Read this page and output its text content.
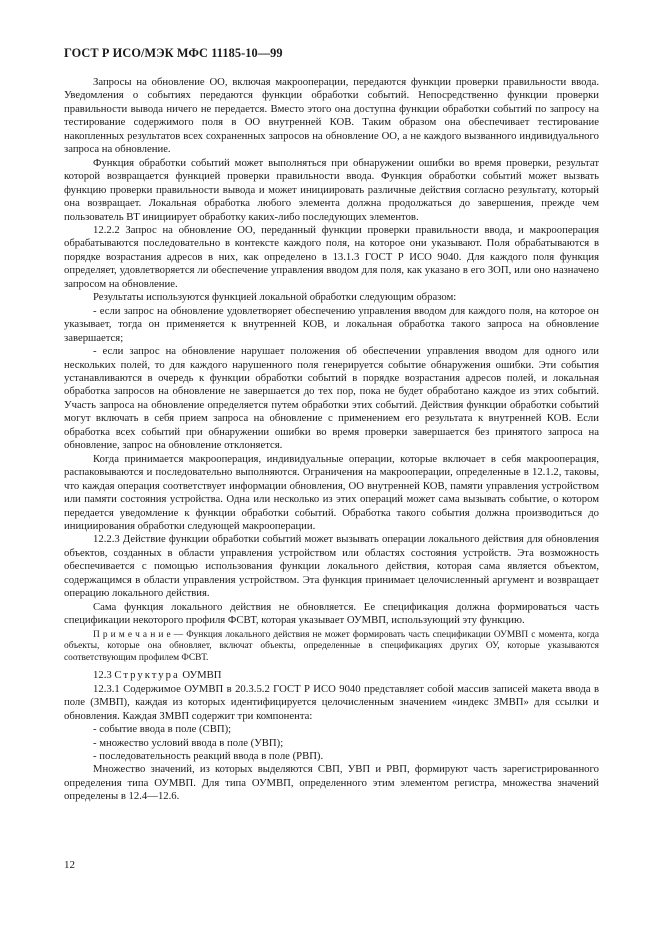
ГОСТ Р ИСО/МЭК МФС 11185-10—99

Запросы на обновление ОО, включая макрооперации, передаются функции проверки правильности ввода. Уведомления о событиях передаются функции обработки событий. Непосредственно функции проверки правильности вывода ничего не передается. Вместо этого она доступна функции обработки событий по запросу на тестирование содержимого поля в ОО внутренней КОВ. Таким образом она обеспечивает тестирование накопленных результатов всех сохраненных запросов на обновление ОО, а не каждого вызванного индивидуального запроса на обновление.

Функция обработки событий может выполняться при обнаружении ошибки во время проверки, результат которой возвращается функцией проверки правильности ввода. Функция обработки событий может вызвать функцию проверки правильности вывода и может инициировать различные действия согласно результату, который она возвращает. Локальная обработка любого элемента должна продолжаться до завершения, прежде чем пользователь ВТ инициирует обработку каких-либо последующих элементов.

12.2.2 Запрос на обновление ОО, переданный функции проверки правильности ввода, и макрооперация обрабатываются последовательно в контексте каждого поля, на которое они указывают. Поля обрабатываются в порядке возрастания адресов в них, как определено в 13.1.3 ГОСТ Р ИСО 9040. Для каждого поля функция определяет, удовлетворяется ли обеспечение управления вводом для поля, как указано в его ЗОП, или оно назначено запросом на обновление.

Результаты используются функцией локальной обработки следующим образом:

- если запрос на обновление удовлетворяет обеспечению управления вводом для каждого поля, на которое он указывает, тогда он применяется к внутренней КОВ, и локальная обработка такого запроса на обновление завершается;

- если запрос на обновление нарушает положения об обеспечении управления вводом для одного или нескольких полей, то для каждого нарушенного поля генерируется событие обнаружения ошибки. Эти события устанавливаются в очередь к функции обработки событий в порядке возрастания адресов полей, и локальная обработка запросов на обновление не завершается до тех пор, пока не будет обработано каждое из этих событий. Участь запроса на обновление определяется путем обработки этих событий. Действия функции обработки событий могут включать в себя прием запроса на обновление с применением его результата к внутренней КОВ. Если обработка всех событий при обнаружении ошибки во время проверки завершается без принятого запроса на обновление, запрос на обновление отклоняется.

Когда принимается макрооперация, индивидуальные операции, которые включает в себя макрооперация, распаковываются и последовательно выполняются. Ограничения на макрооперации, определенные в 12.1.2, таковы, что каждая операция соответствует информации обновления, ОО внутренней КОВ, памяти управления устройством или памяти состояния устройства. Одна или несколько из этих операций может сама вызывать событие, о котором передается уведомление к функции обработки событий. Обработка такого события должна производиться до инициирования обработки следующей макрооперации.

12.2.3 Действие функции обработки событий может вызывать операции локального действия для обновления объектов, созданных в области управления устройством или областях состояния устройств. Эта возможность обеспечивается с помощью использования функции локального действия, которая сама является объектом, содержащимся в области управления устройством. Эта функция принимает целочисленный аргумент и возвращает операцию локального действия.

Сама функция локального действия не обновляется. Ее спецификация должна формироваться часть спецификации некоторого профиля ФСВТ, которая указывает ОУМВП, использующий эту функцию.

П р и м е ч а н и е — Функция локального действия не может формировать часть спецификации ОУМВП с момента, когда объекты, которые она обновляет, включат объекты, определенные в спецификациях других ОУ, которые указываются соответствующим профилем ФСВТ.

12.3 Структура ОУМВП

12.3.1 Содержимое ОУМВП в 20.3.5.2 ГОСТ Р ИСО 9040 представляет собой массив записей макета ввода в поле (ЗМВП), каждая из которых идентифицируется целочисленным значением «индекс ЗМВП» для ссылки и обновления. Каждая ЗМВП содержит три компонента:

- событие ввода в поле (СВП);

- множество условий ввода в поле (УВП);

- последовательность реакций ввода в поле (РВП).

Множество значений, из которых выделяются СВП, УВП и РВП, формируют часть зарегистрированного определения типа ОУМВП. Для типа ОУМВП, определенного этим элементом регистра, множества значений определены в 12.4—12.6.

12
